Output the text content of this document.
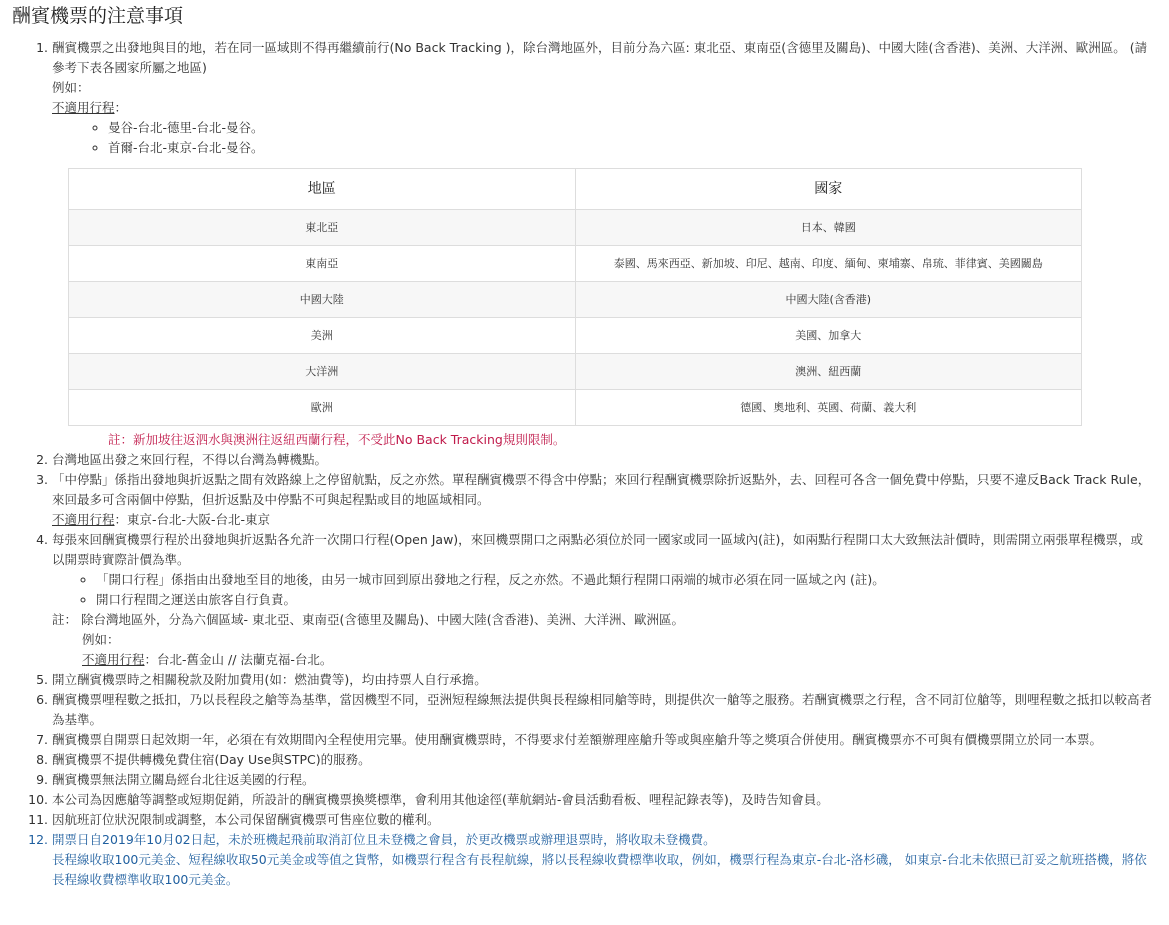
酬賓機票的注意事項
1. 酬賓機票之出發地與目的地，若在同一區域則不得再繼續前行(No Back Tracking )，除台灣地區外，目前分為六區: 東北亞、東南亞(含德里及關島)、中國大陸(含香港)、美洲、大洋洲、歐洲區。 (請參考下表各國家所屬之地區)
例如：
不適用行程：
◦ 曼谷-台北-德里-台北-曼谷。
◦ 首爾-台北-東京-台北-曼谷。
地區	國家
東北亞	日本、韓國
東南亞	泰國、馬來西亞、新加坡、印尼、越南、印度、緬甸、柬埔寨、帛琉、菲律賓、美國關島
中國大陸	中國大陸(含香港)
美洲	美國、加拿大
大洋洲	澳洲、紐西蘭
歐洲	德國、奧地利、英國、荷蘭、義大利
註：新加坡往返泗水與澳洲往返紐西蘭行程，不受此No Back Tracking規則限制。
2. 台灣地區出發之來回行程，不得以台灣為轉機點。
3. 「中停點」係指出發地與折返點之間有效路線上之停留航點，反之亦然。單程酬賓機票不得含中停點；來回行程酬賓機票除折返點外，去、回程可各含一個免費中停點，只要不違反Back Track Rule，來回最多可含兩個中停點，但折返點及中停點不可與起程點或目的地區域相同。
不適用行程：東京-台北-大阪-台北-東京
4. 每張來回酬賓機票行程於出發地與折返點各允許一次開口行程(Open Jaw)，來回機票開口之兩點必須位於同一國家或同一區域內(註)，如兩點行程開口太大致無法計價時，則需開立兩張單程機票，或以開票時實際計價為準。
◦ 「開口行程」係指由出發地至目的地後，由另一城市回到原出發地之行程，反之亦然。不過此類行程開口兩端的城市必須在同一區域之內 (註)。
◦ 開口行程間之運送由旅客自行負責。
註： 除台灣地區外，分為六個區域- 東北亞、東南亞(含德里及關島)、中國大陸(含香港)、美洲、大洋洲、歐洲區。
例如：
不適用行程：台北-舊金山 // 法蘭克福-台北。
5. 開立酬賓機票時之相關稅款及附加費用(如：燃油費等)，均由持票人自行承擔。
6. 酬賓機票哩程數之抵扣，乃以長程段之艙等為基準，當因機型不同，亞洲短程線無法提供與長程線相同艙等時，則提供次一艙等之服務。若酬賓機票之行程，含不同訂位艙等，則哩程數之抵扣以較高者為基準。
7. 酬賓機票自開票日起效期一年，必須在有效期間內全程使用完畢。使用酬賓機票時，不得要求付差額辦理座艙升等或與座艙升等之獎項合併使用。酬賓機票亦不可與有價機票開立於同一本票。
8. 酬賓機票不提供轉機免費住宿(Day Use與STPC)的服務。
9. 酬賓機票無法開立關島經台北往返美國的行程。
10. 本公司為因應艙等調整或短期促銷，所設計的酬賓機票換獎標準，會利用其他途徑(華航網站-會員活動看板、哩程記錄表等)，及時告知會員。
11. 因航班訂位狀況限制或調整，本公司保留酬賓機票可售座位數的權利。
12. 開票日自2019年10月02日起，未於班機起飛前取消訂位且未登機之會員，於更改機票或辦理退票時，將收取未登機費。
長程線收取100元美金、短程線收取50元美金或等值之貨幣，如機票行程含有長程航線，將以長程線收費標準收取，例如，機票行程為東京-台北-洛杉磯， 如東京-台北未依照已訂妥之航班搭機，將依長程線收費標準收取100元美金。
